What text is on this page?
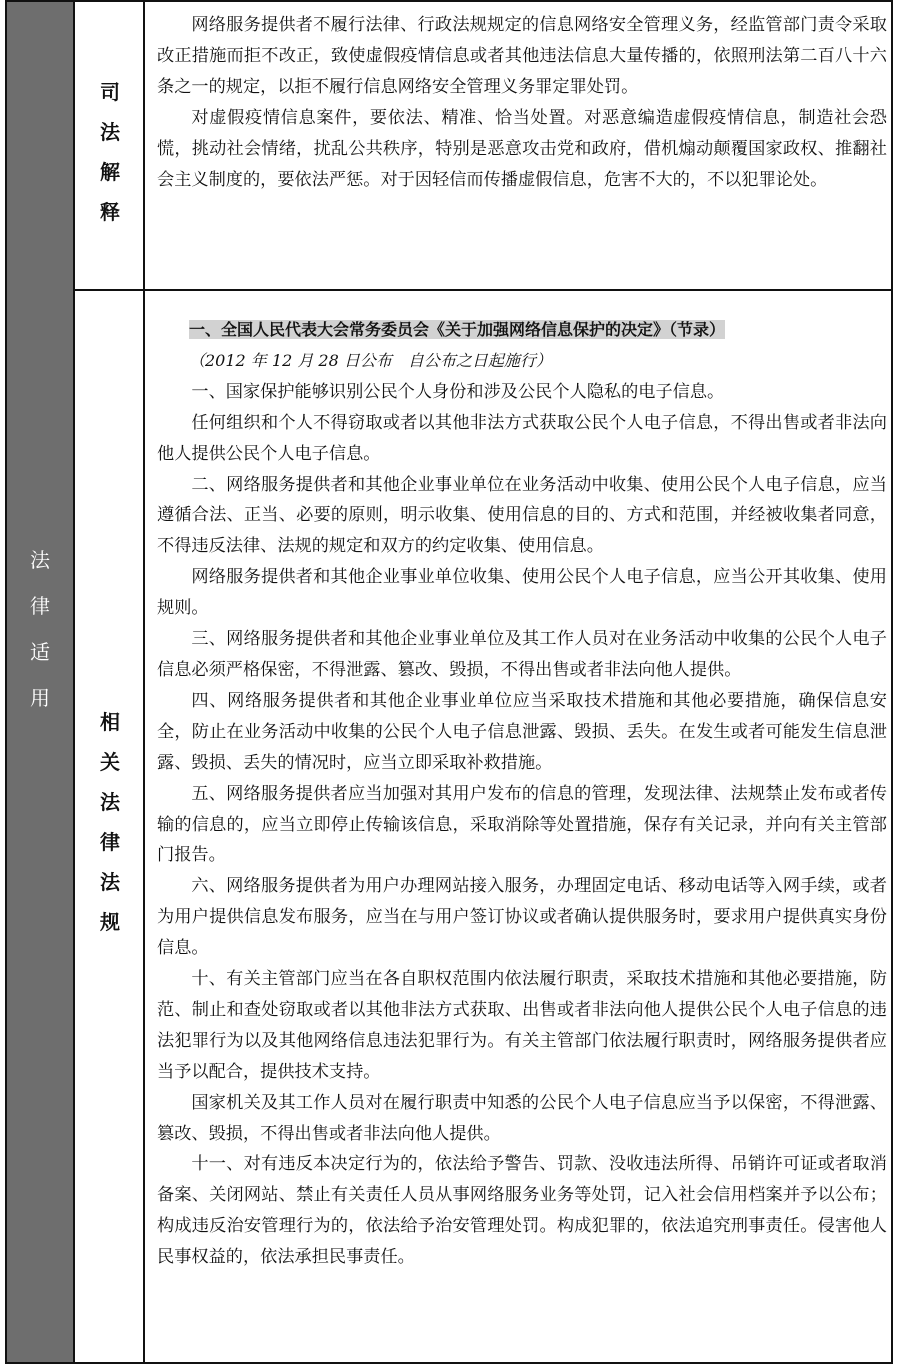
法
律
适
用
司
法
解
释
相
关
法
律
法
规

网络服务提供者不履行法律、行政法规规定的信息网络安全管理义务，经监管部门责令采取改正措施而拒不改正，致使虚假疫情信息或者其他违法信息大量传播的，依照刑法第二百八十六条之一的规定，以拒不履行信息网络安全管理义务罪定罪处罚。

对虚假疫情信息案件，要依法、精准、恰当处置。对恶意编造虚假疫情信息，制造社会恐慌，挑动社会情绪，扰乱公共秩序，特别是恶意攻击党和政府，借机煽动颠覆国家政权、推翻社会主义制度的，要依法严惩。对于因轻信而传播虚假信息，危害不大的，不以犯罪论处。

一、全国人民代表大会常务委员会《关于加强网络信息保护的决定》（节录）

（2012 年 12 月 28 日公布　自公布之日起施行）

一、国家保护能够识别公民个人身份和涉及公民个人隐私的电子信息。

任何组织和个人不得窃取或者以其他非法方式获取公民个人电子信息，不得出售或者非法向他人提供公民个人电子信息。

二、网络服务提供者和其他企业事业单位在业务活动中收集、使用公民个人电子信息，应当遵循合法、正当、必要的原则，明示收集、使用信息的目的、方式和范围，并经被收集者同意，不得违反法律、法规的规定和双方的约定收集、使用信息。

网络服务提供者和其他企业事业单位收集、使用公民个人电子信息，应当公开其收集、使用规则。

三、网络服务提供者和其他企业事业单位及其工作人员对在业务活动中收集的公民个人电子信息必须严格保密，不得泄露、篡改、毁损，不得出售或者非法向他人提供。

四、网络服务提供者和其他企业事业单位应当采取技术措施和其他必要措施，确保信息安全，防止在业务活动中收集的公民个人电子信息泄露、毁损、丢失。在发生或者可能发生信息泄露、毁损、丢失的情况时，应当立即采取补救措施。

五、网络服务提供者应当加强对其用户发布的信息的管理，发现法律、法规禁止发布或者传输的信息的，应当立即停止传输该信息，采取消除等处置措施，保存有关记录，并向有关主管部门报告。

六、网络服务提供者为用户办理网站接入服务，办理固定电话、移动电话等入网手续，或者为用户提供信息发布服务，应当在与用户签订协议或者确认提供服务时，要求用户提供真实身份信息。

十、有关主管部门应当在各自职权范围内依法履行职责，采取技术措施和其他必要措施，防范、制止和查处窃取或者以其他非法方式获取、出售或者非法向他人提供公民个人电子信息的违法犯罪行为以及其他网络信息违法犯罪行为。有关主管部门依法履行职责时，网络服务提供者应当予以配合，提供技术支持。

国家机关及其工作人员对在履行职责中知悉的公民个人电子信息应当予以保密，不得泄露、篡改、毁损，不得出售或者非法向他人提供。

十一、对有违反本决定行为的，依法给予警告、罚款、没收违法所得、吊销许可证或者取消备案、关闭网站、禁止有关责任人员从事网络服务业务等处罚，记入社会信用档案并予以公布；构成违反治安管理行为的，依法给予治安管理处罚。构成犯罪的，依法追究刑事责任。侵害他人民事权益的，依法承担民事责任。
